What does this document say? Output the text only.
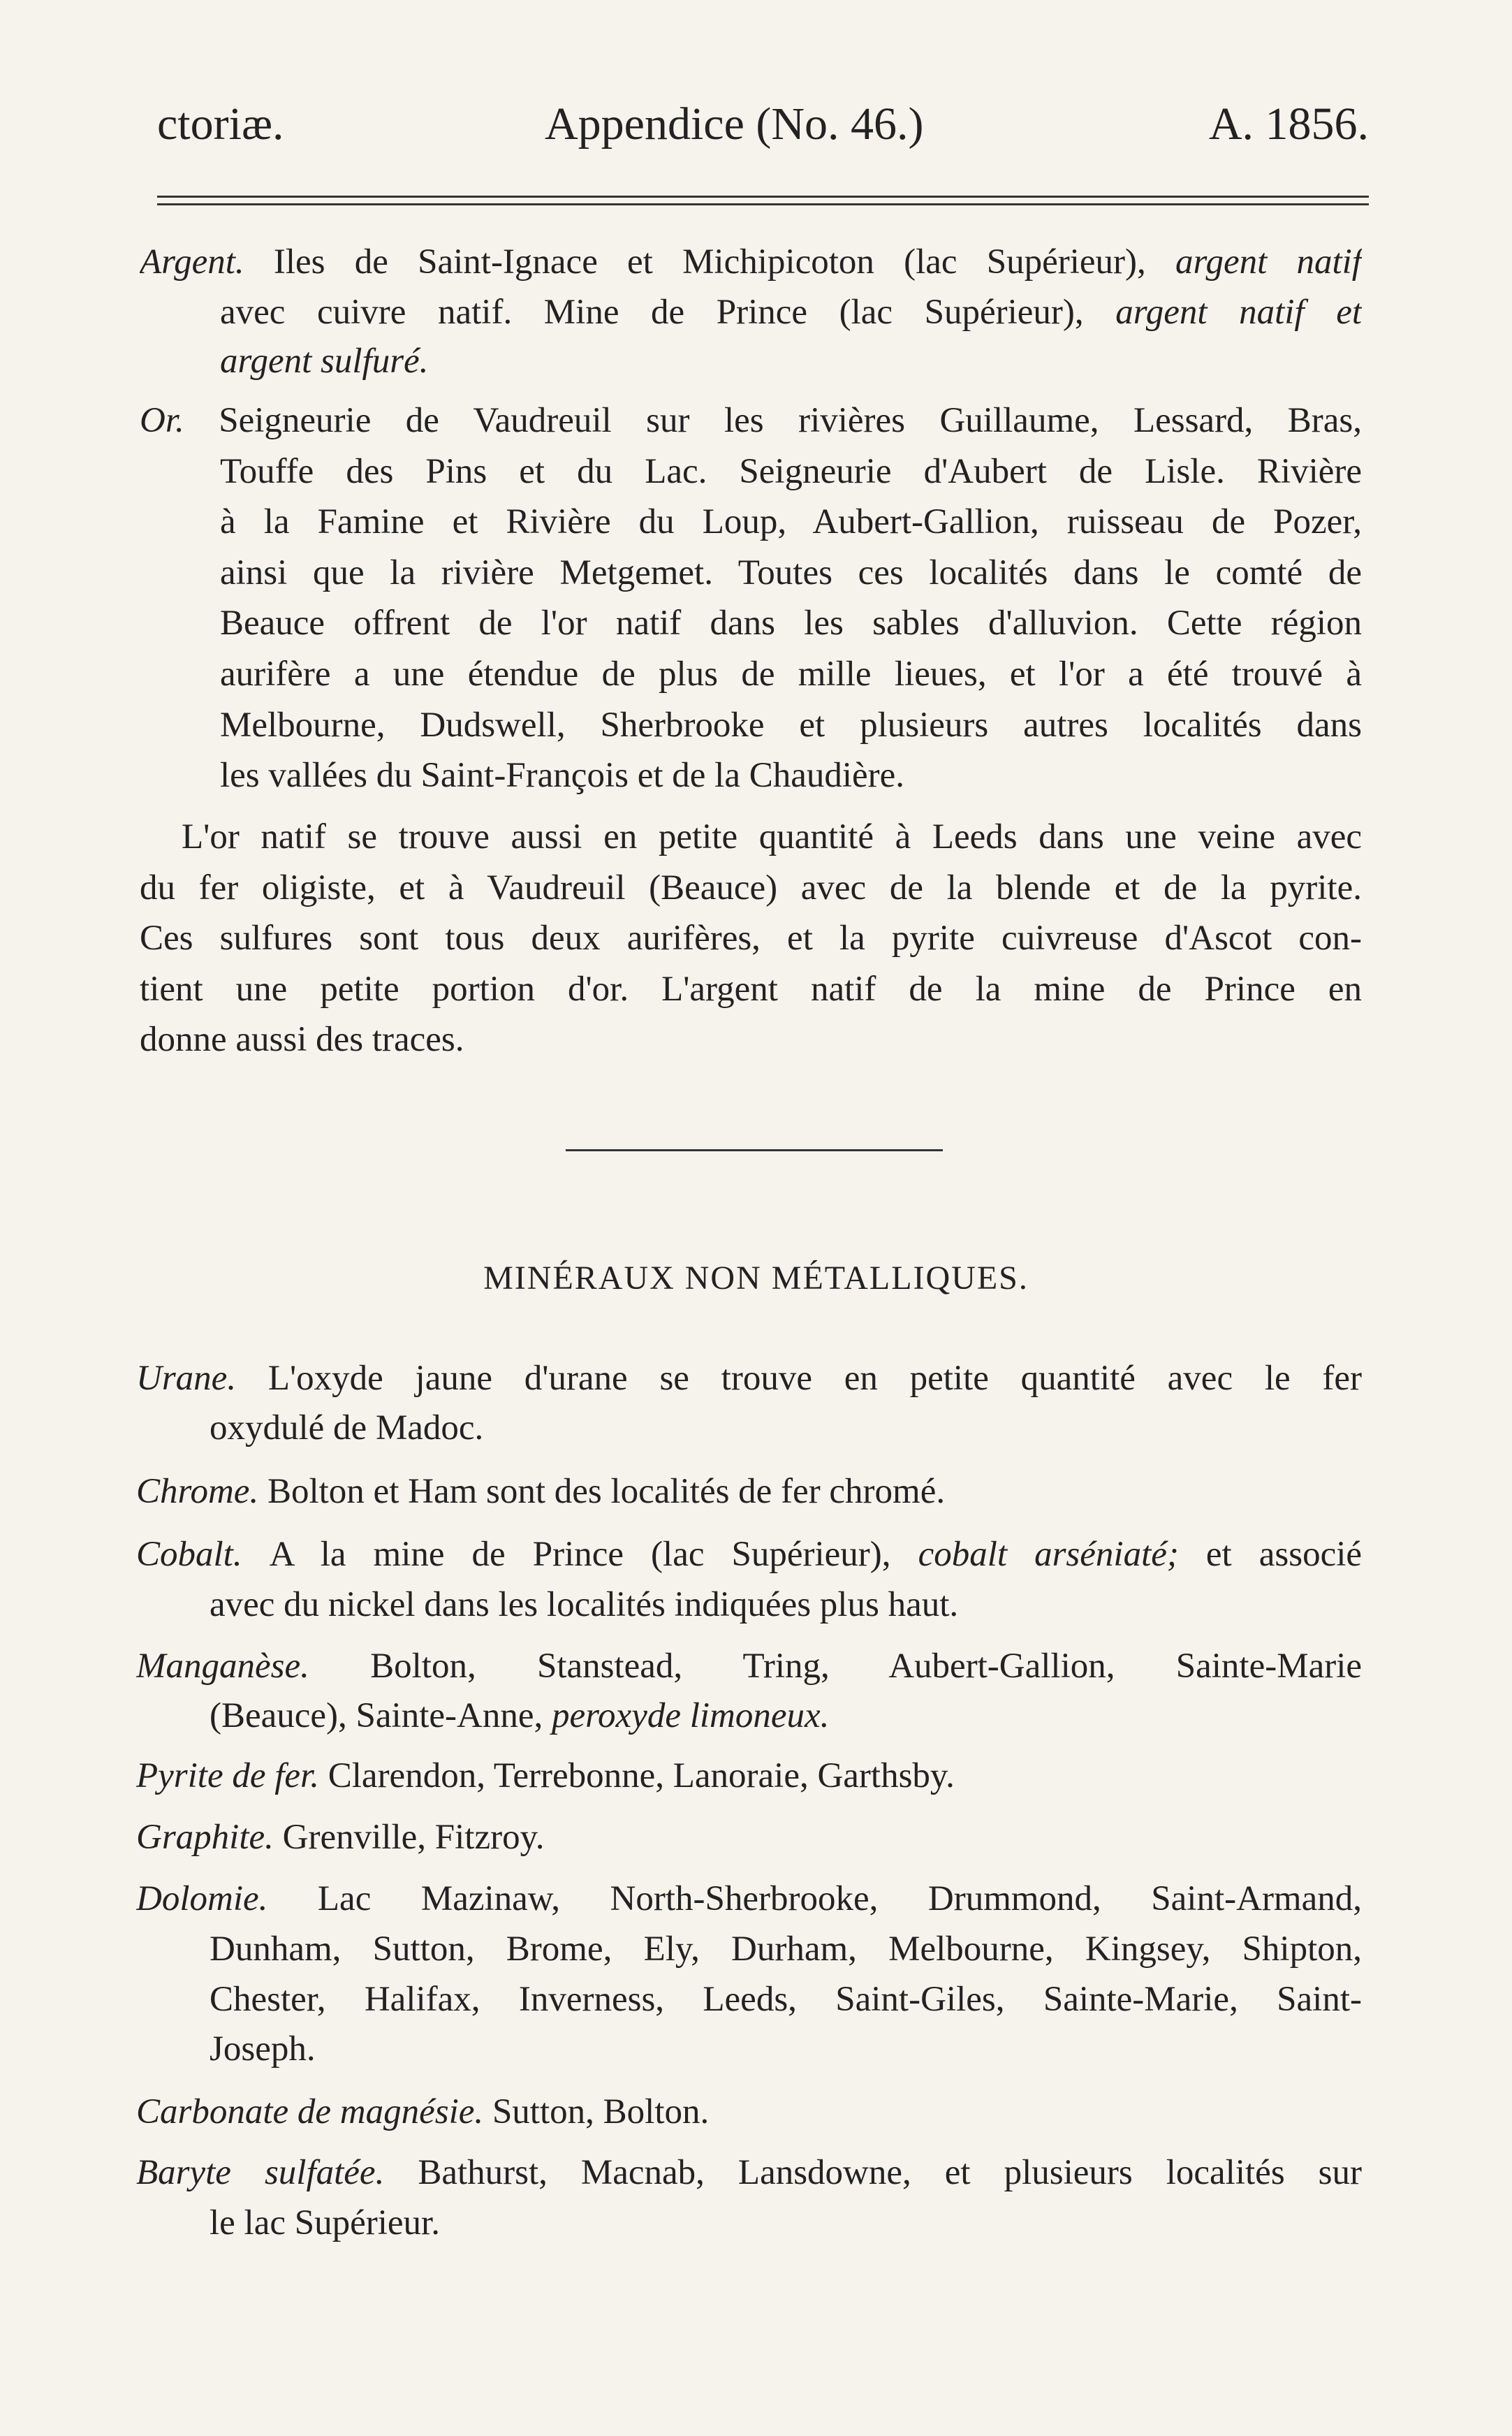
ctoriæ.	Appendice (No. 46.)	A. 1856.
Argent. Iles de Saint-Ignace et Michipicoton (lac Supérieur), argent natif
avec cuivre natif. Mine de Prince (lac Supérieur), argent natif et
argent sulfuré.
Or. Seigneurie de Vaudreuil sur les rivières Guillaume, Lessard, Bras,
Touffe des Pins et du Lac. Seigneurie d'Aubert de Lisle. Rivière
à la Famine et Rivière du Loup, Aubert-Gallion, ruisseau de Pozer,
ainsi que la rivière Metgemet. Toutes ces localités dans le comté de
Beauce offrent de l'or natif dans les sables d'alluvion. Cette région
aurifère a une étendue de plus de mille lieues, et l'or a été trouvé à
Melbourne, Dudswell, Sherbrooke et plusieurs autres localités dans
les vallées du Saint-François et de la Chaudière.
L'or natif se trouve aussi en petite quantité à Leeds dans une veine avec
du fer oligiste, et à Vaudreuil (Beauce) avec de la blende et de la pyrite.
Ces sulfures sont tous deux aurifères, et la pyrite cuivreuse d'Ascot con-
tient une petite portion d'or. L'argent natif de la mine de Prince en
donne aussi des traces.
MINÉRAUX NON MÉTALLIQUES.
Urane. L'oxyde jaune d'urane se trouve en petite quantité avec le fer
oxydulé de Madoc.
Chrome. Bolton et Ham sont des localités de fer chromé.
Cobalt. A la mine de Prince (lac Supérieur), cobalt arséniaté; et associé
avec du nickel dans les localités indiquées plus haut.
Manganèse. Bolton, Stanstead, Tring, Aubert-Gallion, Sainte-Marie
(Beauce), Sainte-Anne, peroxyde limoneux.
Pyrite de fer. Clarendon, Terrebonne, Lanoraie, Garthsby.
Graphite. Grenville, Fitzroy.
Dolomie. Lac Mazinaw, North-Sherbrooke, Drummond, Saint-Armand,
Dunham, Sutton, Brome, Ely, Durham, Melbourne, Kingsey, Shipton,
Chester, Halifax, Inverness, Leeds, Saint-Giles, Sainte-Marie, Saint-
Joseph.
Carbonate de magnésie. Sutton, Bolton.
Baryte sulfatée. Bathurst, Macnab, Lansdowne, et plusieurs localités sur
le lac Supérieur.
